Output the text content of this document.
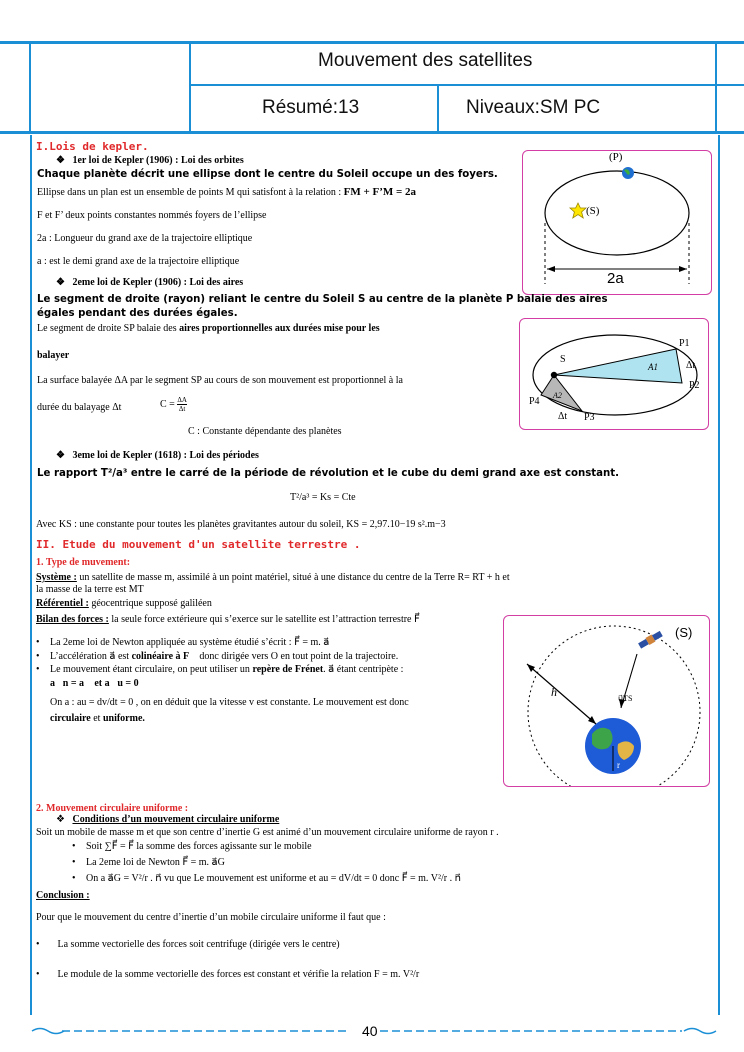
Mouvement des satellites
Résumé:13	Niveaux:SM PC
I.Lois de kepler.
❖   1er loi de Kepler (1906) : Loi des orbites
Chaque planète décrit une ellipse dont le centre du Soleil occupe un des foyers.
Ellipse dans un plan est un ensemble de points M qui satisfont à la relation : FM + F’M = 2a
F et F’ deux points constantes nommés foyers de l’ellipse
2a : Longueur du grand axe de la trajectoire elliptique
a : est le demi grand axe de la trajectoire elliptique
(P)
(S)
2a
❖   2eme loi de Kepler (1906) : Loi des aires
Le segment de droite (rayon) reliant le centre du Soleil S au centre de la planète P balaie des aires
égales pendant des durées égales.
Le segment de droite SP balaie des aires proportionnelles aux durées mise pour les
balayer
La surface balayée ΔA par le segment SP au cours de son mouvement est proportionnel à la
durée du balayage Δt	$C = \frac{\Delta A}{\Delta t}$
C : Constante dépendante des planètes
S
P1
Δt
P2
A1
A2
P4
Δt P3
❖   3eme loi de Kepler (1618) : Loi des périodes
Le rapport T²/a³ entre le carré de la période de révolution et le cube du demi grand axe est constant.
T²/a³ = Ks = Cte
Avec KS : une constante pour toutes les planètes gravitantes autour du soleil, KS = 2,97.10−19 s².m−3
II. Etude du mouvement d'un satellite terrestre .
1. Type de muvement:
Système : un satellite de masse m, assimilé à un point matériel, situé à une distance du centre de la Terre R= RT + h et
la masse de la terre est MT
Référentiel : géocentrique supposé galiléen
Bilan des forces : la seule force extérieure qui s’exerce sur le satellite est l’attraction terrestre F⃗
• La 2eme loi de Newton appliquée au système étudié s’écrit : F⃗ = m. a⃗
• L’accélération a⃗ est colinéaire à F⃗ donc dirigée vers O en tout point de la trajectoire.
• Le mouvement étant circulaire, on peut utiliser un repère de Frénet. a⃗ étant centripète :
a⃗n = a⃗ et a⃗u = 0⃗
On a : au = dv/dt = 0 , on en déduit que la vitesse v est constante. Le mouvement est donc
circulaire et uniforme.
(S)
h
r
u⃗TS
2. Mouvement circulaire uniforme :
❖   Conditions d’un mouvement circulaire uniforme
Soit un mobile de masse m et que son centre d’inertie G est animé d’un mouvement circulaire uniforme de rayon r .
• Soit ∑F⃗ = F⃗ la somme des forces agissante sur le mobile
• La 2eme loi de Newton F⃗ = m. a⃗G
• On a a⃗G = V²/r . n⃗ vu que Le mouvement est uniforme et au = dV/dt = 0 donc F⃗ = m. V²/r . n⃗
Conclusion :
Pour que le mouvement du centre d’inertie d’un mobile circulaire uniforme il faut que :
• La somme vectorielle des forces soit centrifuge (dirigée vers le centre)
• Le module de la somme vectorielle des forces est constant et vérifie la relation F = m. V²/r
40
